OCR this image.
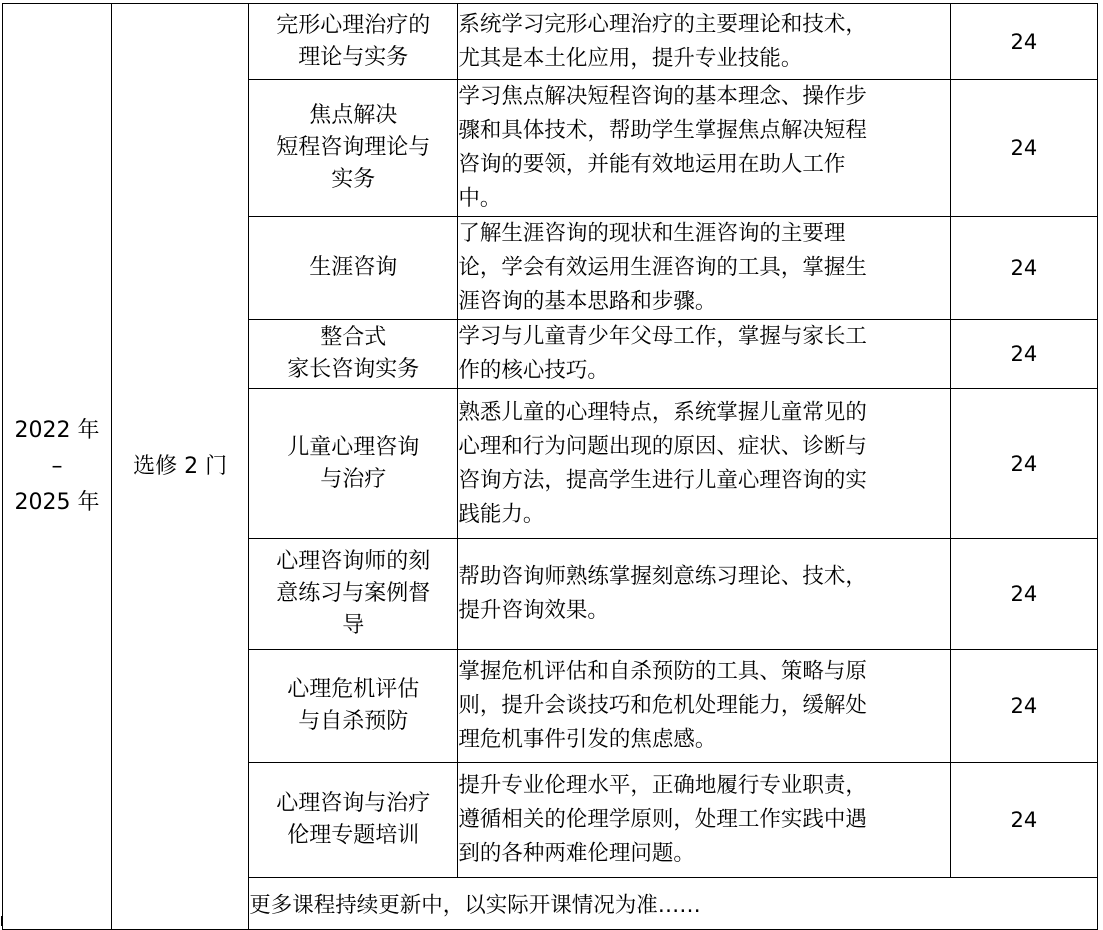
2022 年
–
2025 年	选修 2 门	完形心理治疗的
理论与实务	系统学习完形心理治疗的主要理论和技术，
尤其是本土化应用，提升专业技能。	24

		焦点解决
短程咨询理论与
实务	学习焦点解决短程咨询的基本理念、操作步
骤和具体技术，帮助学生掌握焦点解决短程
咨询的要领，并能有效地运用在助人工作
中。	24

		生涯咨询	了解生涯咨询的现状和生涯咨询的主要理
论，学会有效运用生涯咨询的工具，掌握生
涯咨询的基本思路和步骤。	24

		整合式
家长咨询实务	学习与儿童青少年父母工作，掌握与家长工
作的核心技巧。	24

		儿童心理咨询
与治疗	熟悉儿童的心理特点，系统掌握儿童常见的
心理和行为问题出现的原因、症状、诊断与
咨询方法，提高学生进行儿童心理咨询的实
践能力。	24

		心理咨询师的刻
意练习与案例督
导	帮助咨询师熟练掌握刻意练习理论、技术，
提升咨询效果。	24

		心理危机评估
与自杀预防	掌握危机评估和自杀预防的工具、策略与原
则，提升会谈技巧和危机处理能力，缓解处
理危机事件引发的焦虑感。	24

		心理咨询与治疗
伦理专题培训	提升专业伦理水平，正确地履行专业职责，
遵循相关的伦理学原则，处理工作实践中遇
到的各种两难伦理问题。	24
		更多课程持续更新中，以实际开课情况为准……		
